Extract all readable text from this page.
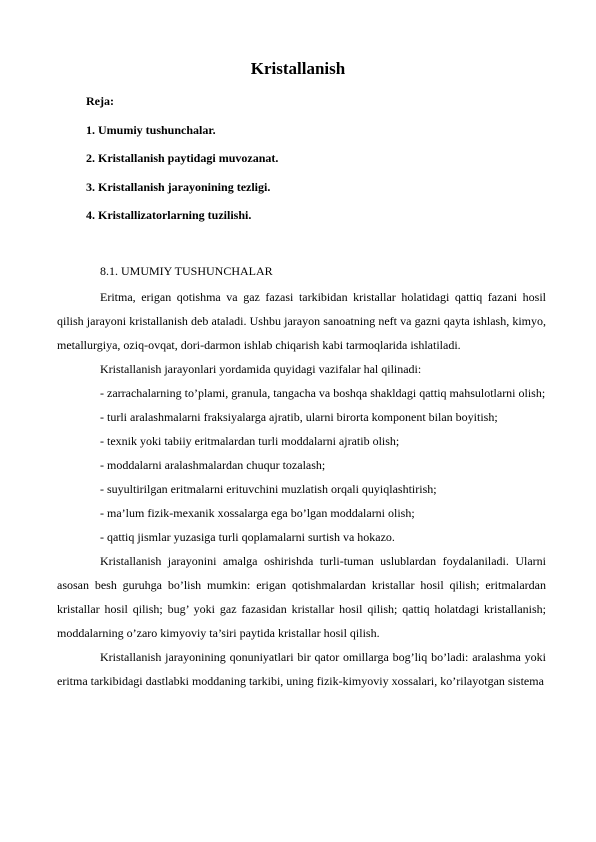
Kristallanish
Reja:
1. Umumiy tushunchalar.
2. Kristallanish paytidagi muvozanat.
3. Kristallanish jarayonining tezligi.
4. Kristallizatorlarning tuzilishi.
8.1. UMUMIY TUSHUNCHALAR

Eritma, erigan qotishma va gaz fazasi tarkibidan kristallar holatidagi qattiq fazani hosil qilish jarayoni kristallanish deb ataladi. Ushbu jarayon sanoatning neft va gazni qayta ishlash, kimyo, metallurgiya, oziq-ovqat, dori-darmon ishlab chiqarish kabi tarmoqlarida ishlatiladi.

Kristallanish jarayonlari yordamida quyidagi vazifalar hal qilinadi:

- zarrachalarning to’plami, granula, tangacha va boshqa shakldagi qattiq mahsulotlarni olish;
- turli aralashmalarni fraksiyalarga ajratib, ularni birorta komponent bilan boyitish;
- texnik yoki tabiiy eritmalardan turli moddalarni ajratib olish;
- moddalarni aralashmalardan chuqur tozalash;
- suyultirilgan eritmalarni erituvchini muzlatish orqali quyiqlashtirish;
- ma’lum fizik-mexanik xossalarga ega bo’lgan moddalarni olish;
- qattiq jismlar yuzasiga turli qoplamalarni surtish va hokazo.

Kristallanish jarayonini amalga oshirishda turli-tuman uslublardan foydalaniladi. Ularni asosan besh guruhga bo’lish mumkin: erigan qotishmalardan kristallar hosil qilish; eritmalardan kristallar hosil qilish; bug’ yoki gaz fazasidan kristallar hosil qilish; qattiq holatdagi kristallanish; moddalarning o’zaro kimyoviy ta’siri paytida kristallar hosil qilish.

Kristallanish jarayonining qonuniyatlari bir qator omillarga bog’liq bo’ladi: aralashma yoki eritma tarkibidagi dastlabki moddaning tarkibi, uning fizik-kimyoviy xossalari, ko’rilayotgan sistema
